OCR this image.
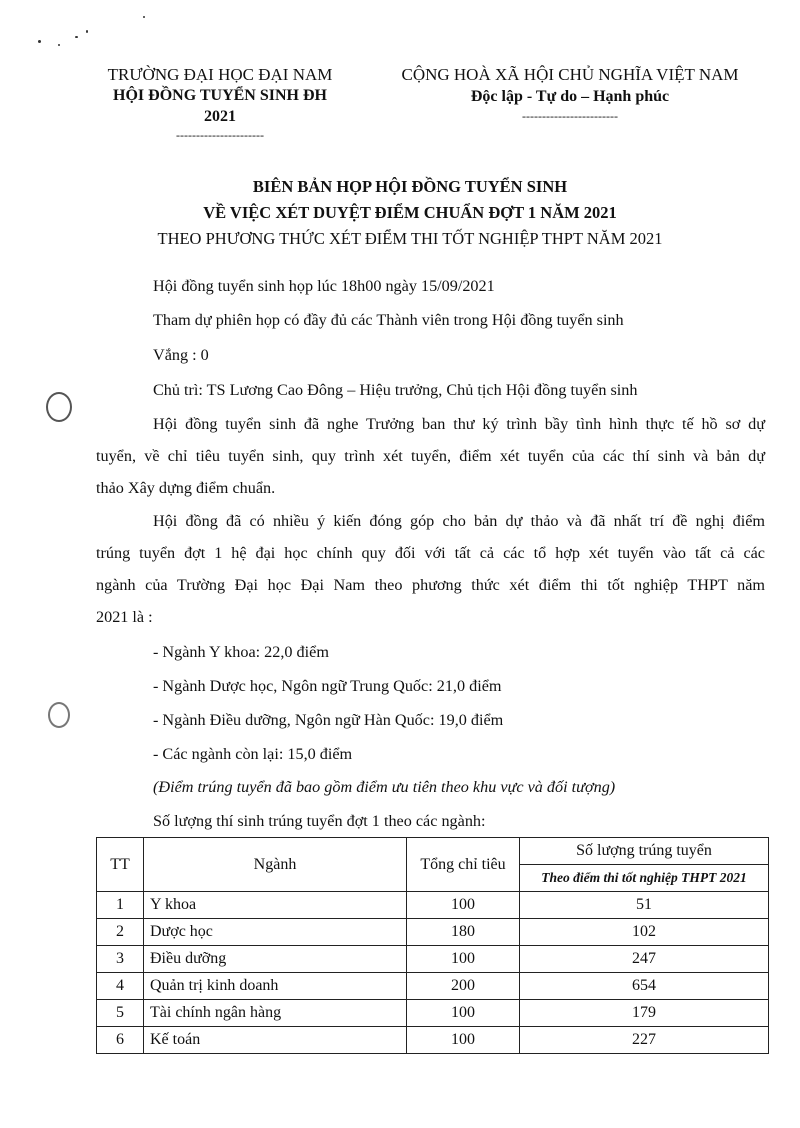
TRƯỜNG ĐẠI HỌC ĐẠI NAM
HỘI ĐỒNG TUYỂN SINH ĐH
2021
----------------------
CỘNG HOÀ XÃ HỘI CHỦ NGHĨA VIỆT NAM
Độc lập - Tự do – Hạnh phúc
------------------------
BIÊN BẢN HỌP HỘI ĐỒNG TUYỂN SINH
VỀ VIỆC XÉT DUYỆT ĐIỂM CHUẨN ĐỢT 1 NĂM 2021
THEO PHƯƠNG THỨC XÉT ĐIỂM THI TỐT NGHIỆP THPT NĂM 2021
Hội đồng tuyển sinh họp lúc 18h00 ngày 15/09/2021
Tham dự phiên họp có đầy đủ các Thành viên trong Hội đồng tuyển sinh
Vắng : 0
Chủ trì: TS Lương Cao Đông – Hiệu trưởng, Chủ tịch Hội đồng tuyển sinh
Hội đồng tuyển sinh đã nghe Trưởng ban thư ký trình bầy tình hình thực tế hồ sơ dự
tuyển, về chỉ tiêu tuyển sinh, quy trình xét tuyển, điểm xét tuyển của các thí sinh và bản dự
thảo Xây dựng điểm chuẩn.
Hội đồng đã có nhiều ý kiến đóng góp cho bản dự thảo và đã nhất trí đề nghị điểm
trúng tuyển đợt 1 hệ đại học chính quy đối với tất cả các tổ hợp xét tuyển vào tất cả các
ngành của Trường Đại học Đại Nam theo phương thức xét điểm thi tốt nghiệp THPT năm
2021 là :
- Ngành Y khoa: 22,0 điểm
- Ngành Dược học, Ngôn ngữ Trung Quốc: 21,0 điểm
- Ngành Điều dưỡng, Ngôn ngữ Hàn Quốc: 19,0 điểm
- Các ngành còn lại: 15,0 điểm
(Điểm trúng tuyển đã bao gồm điểm ưu tiên theo khu vực và đối tượng)
Số lượng thí sinh trúng tuyển đợt 1 theo các ngành:
TT	Ngành	Tổng chỉ tiêu	Số lượng trúng tuyển
			Theo điểm thi tốt nghiệp THPT 2021
1	Y khoa	100	51
2	Dược học	180	102
3	Điều dưỡng	100	247
4	Quản trị kinh doanh	200	654
5	Tài chính ngân hàng	100	179
6	Kế toán	100	227
